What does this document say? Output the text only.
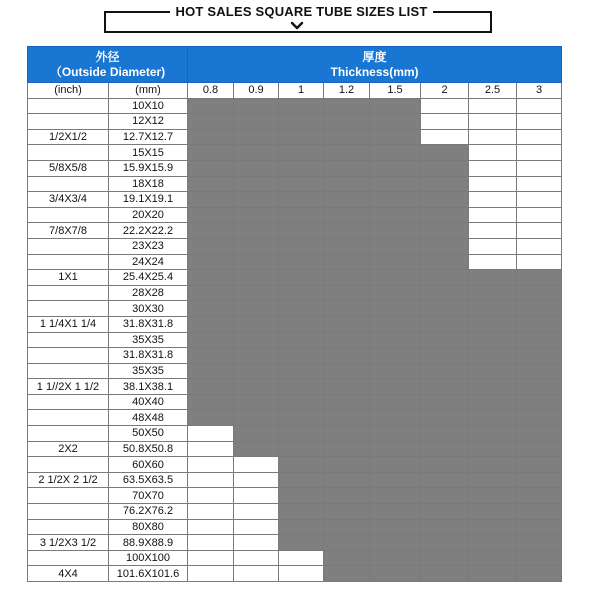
HOT SALES SQUARE TUBE SIZES LIST
外径
（Outside Diameter)		厚度
Thickness(mm)							

(inch)	(mm)	0.8	0.9	1	1.2	1.5	2	2.5	3
	10X10								
	12X12								
1/2X1/2	12.7X12.7								
	15X15								
5/8X5/8	15.9X15.9								
	18X18								
3/4X3/4	19.1X19.1								
	20X20								
7/8X7/8	22.2X22.2								
	23X23								
	24X24								
1X1	25.4X25.4								
	28X28								
	30X30								
1 1/4X1 1/4	31.8X31.8								
	35X35								
	31.8X31.8								
	35X35								
1 1//2X 1 1/2	38.1X38.1								
	40X40								
	48X48								
	50X50								
2X2	50.8X50.8								
	60X60								
2 1/2X 2 1/2	63.5X63.5								
	70X70								
	76.2X76.2								
	80X80								
3 1/2X3 1/2	88.9X88.9								
	100X100								
4X4	101.6X101.6								
